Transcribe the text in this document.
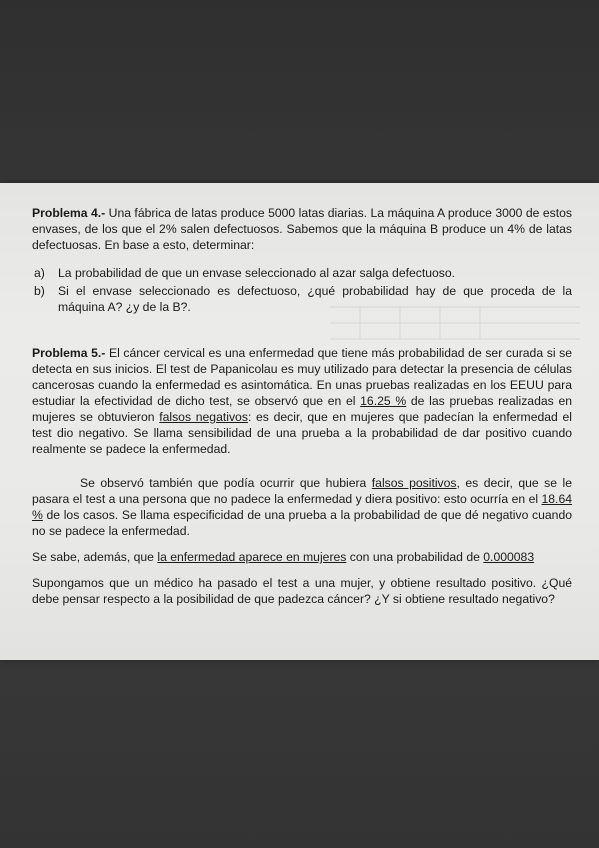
Problema 4.- Una fábrica de latas produce 5000 latas diarias. La máquina A produce 3000 de estos envases, de los que el 2% salen defectuosos. Sabemos que la máquina B produce un 4% de latas defectuosas. En base a esto, determinar:

a)	La probabilidad de que un envase seleccionado al azar salga defectuoso.
b)	Si el envase seleccionado es defectuoso, ¿qué probabilidad hay de que proceda de la máquina A? ¿y de la B?.

Problema 5.- El cáncer cervical es una enfermedad que tiene más probabilidad de ser curada si se detecta en sus inicios. El test de Papanicolau es muy utilizado para detectar la presencia de células cancerosas cuando la enfermedad es asintomática. En unas pruebas realizadas en los EEUU para estudiar la efectividad de dicho test, se observó que en el 16.25 % de las pruebas realizadas en mujeres se obtuvieron falsos negativos: es decir, que en mujeres que padecían la enfermedad el test dio negativo. Se llama sensibilidad de una prueba a la probabilidad de dar positivo cuando realmente se padece la enfermedad.

Se observó también que podía ocurrir que hubiera falsos positivos, es decir, que se le pasara el test a una persona que no padece la enfermedad y diera positivo: esto ocurría en el 18.64 % de los casos. Se llama especificidad de una prueba a la probabilidad de que dé negativo cuando no se padece la enfermedad.

Se sabe, además, que la enfermedad aparece en mujeres con una probabilidad de 0.000083

Supongamos que un médico ha pasado el test a una mujer, y obtiene resultado positivo. ¿Qué debe pensar respecto a la posibilidad de que padezca cáncer? ¿Y si obtiene resultado negativo?
